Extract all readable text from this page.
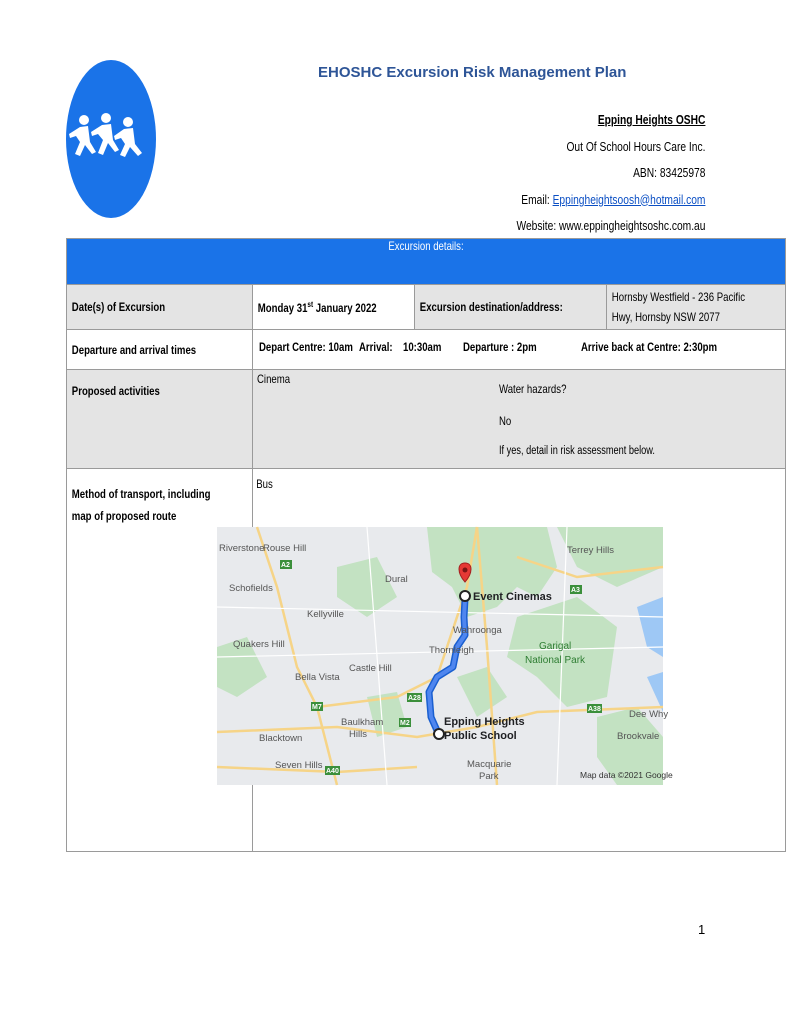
EHOSHC Excursion Risk Management Plan
Epping Heights OSHC
Out Of School Hours Care Inc.
ABN: 83425978
Email: Eppingheightsoosh@hotmail.com
Website: www.eppingheightsoshc.com.au
Excursion details:			
Date(s) of Excursion	Monday 31st January 2022	Excursion destination/address:	Hornsby Westfield - 236 Pacific
Hwy, Hornsby NSW 2077

Departure and arrival times	Depart Centre: 10am Arrival: 10:30am Departure : 2pm Arrive back at Centre: 2:30pm		

Proposed activities	Cinema
Water hazards?
No
If yes, detail in risk assessment below.		

Method of transport, including
map of proposed route	Bus		
A2
A3
M7
M2
A28
A38
A40
Riverstone
Rouse Hill	Terrey Hills
Dural
Schofields
Kellyville
Wahroonga
Quakers Hill
Thornleigh
Castle Hill
Bella Vista
Baulkham
Hills
Blacktown
Seven Hills
Dee Why
Brookvale
Macquarie
Park
Garigal
National Park
Event Cinemas
Epping Heights
Public School
Map data ©2021 Google
1
